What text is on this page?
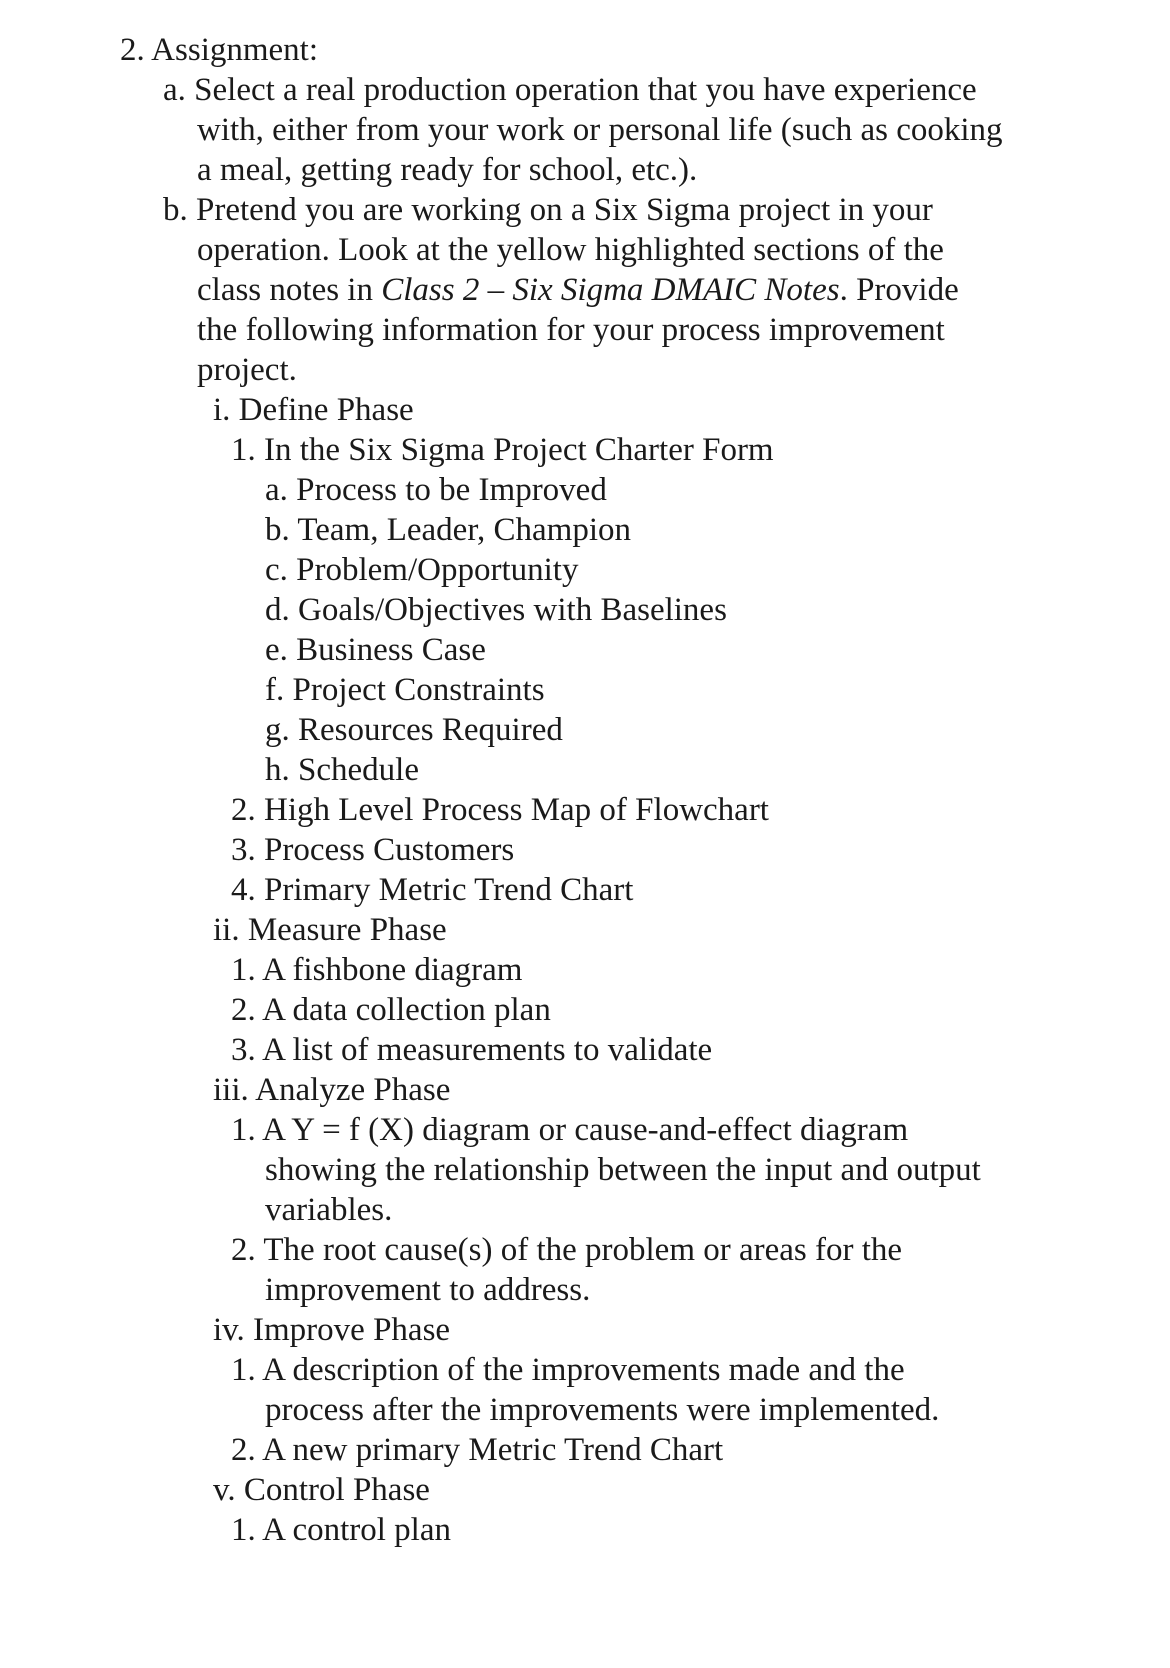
2. Assignment:
a. Select a real production operation that you have experience
with, either from your work or personal life (such as cooking
a meal, getting ready for school, etc.).
b. Pretend you are working on a Six Sigma project in your
operation. Look at the yellow highlighted sections of the
class notes in Class 2 – Six Sigma DMAIC Notes. Provide
the following information for your process improvement
project.
i. Define Phase
1. In the Six Sigma Project Charter Form
a. Process to be Improved
b. Team, Leader, Champion
c. Problem/Opportunity
d. Goals/Objectives with Baselines
e. Business Case
f. Project Constraints
g. Resources Required
h. Schedule
2. High Level Process Map of Flowchart
3. Process Customers
4. Primary Metric Trend Chart
ii. Measure Phase
1. A fishbone diagram
2. A data collection plan
3. A list of measurements to validate
iii. Analyze Phase
1. A Y = f (X) diagram or cause-and-effect diagram
showing the relationship between the input and output
variables.
2. The root cause(s) of the problem or areas for the
improvement to address.
iv. Improve Phase
1. A description of the improvements made and the
process after the improvements were implemented.
2. A new primary Metric Trend Chart
v. Control Phase
1. A control plan
